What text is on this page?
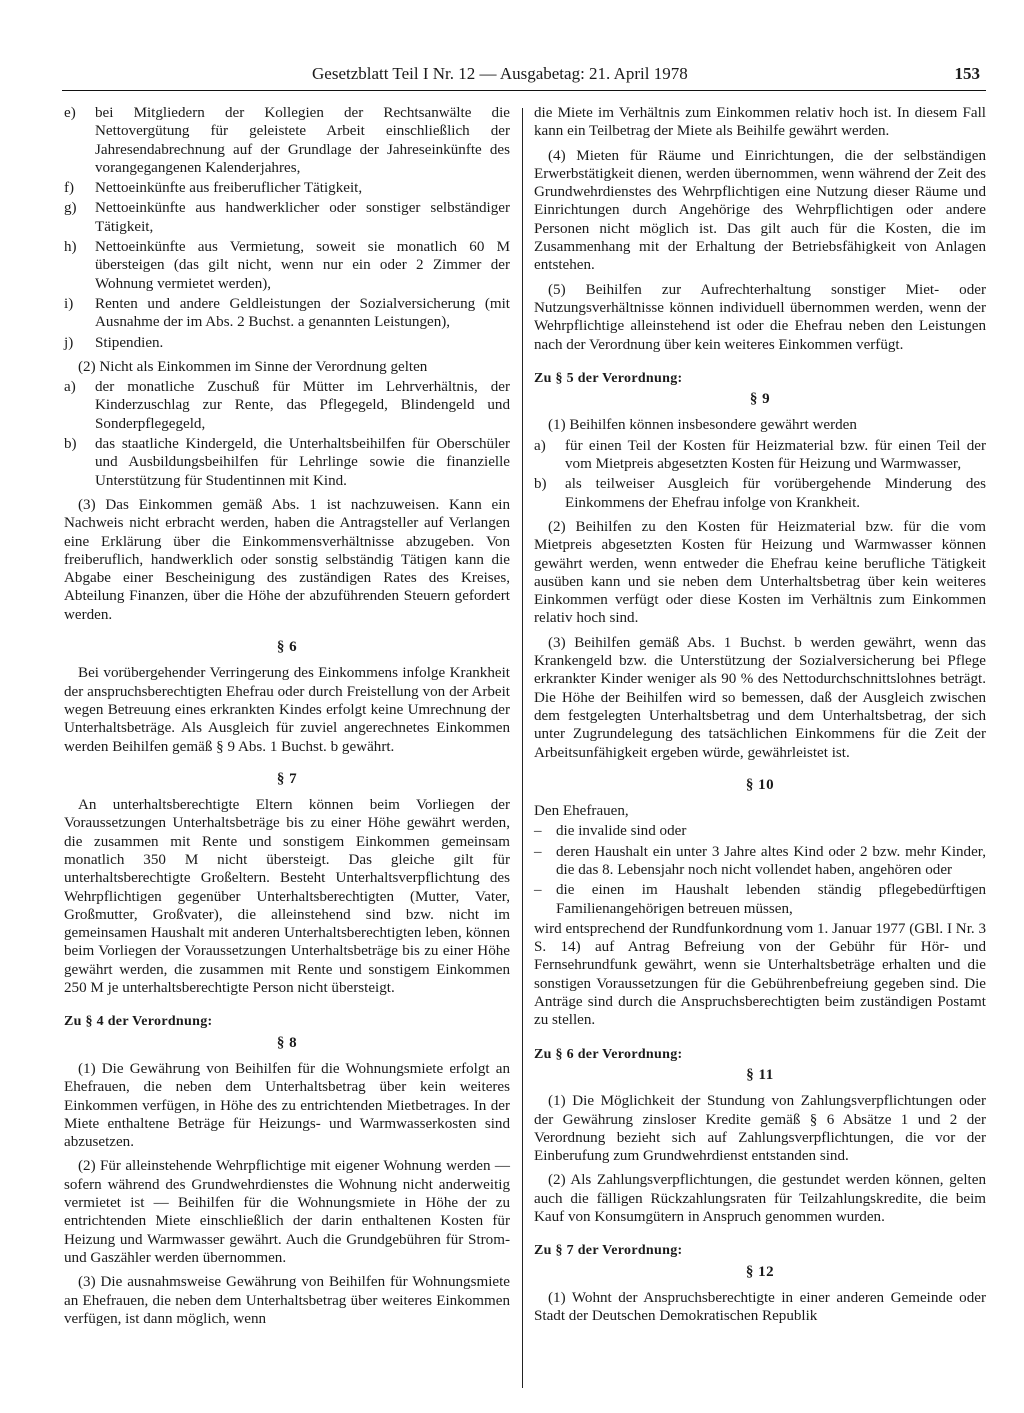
Gesetzblatt Teil I Nr. 12 — Ausgabetag: 21. April 1978	153
e) bei Mitgliedern der Kollegien der Rechtsanwälte die Nettovergütung für geleistete Arbeit einschließlich der Jahresendabrechnung auf der Grundlage der Jahreseinkünfte des vorangegangenen Kalenderjahres,
f) Nettoeinkünfte aus freiberuflicher Tätigkeit,
g) Nettoeinkünfte aus handwerklicher oder sonstiger selbständiger Tätigkeit,
h) Nettoeinkünfte aus Vermietung, soweit sie monatlich 60 M übersteigen (das gilt nicht, wenn nur ein oder 2 Zimmer der Wohnung vermietet werden),
i) Renten und andere Geldleistungen der Sozialversicherung (mit Ausnahme der im Abs. 2 Buchst. a genannten Leistungen),
j) Stipendien.

(2) Nicht als Einkommen im Sinne der Verordnung gelten

a) der monatliche Zuschuß für Mütter im Lehrverhältnis, der Kinderzuschlag zur Rente, das Pflegegeld, Blindengeld und Sonderpflegegeld,
b) das staatliche Kindergeld, die Unterhaltsbeihilfen für Oberschüler und Ausbildungsbeihilfen für Lehrlinge sowie die finanzielle Unterstützung für Studentinnen mit Kind.

(3) Das Einkommen gemäß Abs. 1 ist nachzuweisen. Kann ein Nachweis nicht erbracht werden, haben die Antragsteller auf Verlangen eine Erklärung über die Einkommensverhältnisse abzugeben. Von freiberuflich, handwerklich oder sonstig selbständig Tätigen kann die Abgabe einer Bescheinigung des zuständigen Rates des Kreises, Abteilung Finanzen, über die Höhe der abzuführenden Steuern gefordert werden.

§ 6

Bei vorübergehender Verringerung des Einkommens infolge Krankheit der anspruchsberechtigten Ehefrau oder durch Freistellung von der Arbeit wegen Betreuung eines erkrankten Kindes erfolgt keine Umrechnung der Unterhaltsbeträge. Als Ausgleich für zuviel angerechnetes Einkommen werden Beihilfen gemäß § 9 Abs. 1 Buchst. b gewährt.

§ 7

An unterhaltsberechtigte Eltern können beim Vorliegen der Voraussetzungen Unterhaltsbeträge bis zu einer Höhe gewährt werden, die zusammen mit Rente und sonstigem Einkommen gemeinsam monatlich 350 M nicht übersteigt. Das gleiche gilt für unterhaltsberechtigte Großeltern. Besteht Unterhaltsverpflichtung des Wehrpflichtigen gegenüber Unterhaltsberechtigten (Mutter, Vater, Großmutter, Großvater), die alleinstehend sind bzw. nicht im gemeinsamen Haushalt mit anderen Unterhaltsberechtigten leben, können beim Vorliegen der Voraussetzungen Unterhaltsbeträge bis zu einer Höhe gewährt werden, die zusammen mit Rente und sonstigem Einkommen 250 M je unterhaltsberechtigte Person nicht übersteigt.

Zu § 4 der Verordnung:
§ 8

(1) Die Gewährung von Beihilfen für die Wohnungsmiete erfolgt an Ehefrauen, die neben dem Unterhaltsbetrag über kein weiteres Einkommen verfügen, in Höhe des zu entrichtenden Mietbetrages. In der Miete enthaltene Beträge für Heizungs- und Warmwasserkosten sind abzusetzen.

(2) Für alleinstehende Wehrpflichtige mit eigener Wohnung werden — sofern während des Grundwehrdienstes die Wohnung nicht anderweitig vermietet ist — Beihilfen für die Wohnungsmiete in Höhe der zu entrichtenden Miete einschließlich der darin enthaltenen Kosten für Heizung und Warmwasser gewährt. Auch die Grundgebühren für Strom- und Gaszähler werden übernommen.

(3) Die ausnahmsweise Gewährung von Beihilfen für Wohnungsmiete an Ehefrauen, die neben dem Unterhaltsbetrag über weiteres Einkommen verfügen, ist dann möglich, wenn

die Miete im Verhältnis zum Einkommen relativ hoch ist. In diesem Fall kann ein Teilbetrag der Miete als Beihilfe gewährt werden.

(4) Mieten für Räume und Einrichtungen, die der selbständigen Erwerbstätigkeit dienen, werden übernommen, wenn während der Zeit des Grundwehrdienstes des Wehrpflichtigen eine Nutzung dieser Räume und Einrichtungen durch Angehörige des Wehrpflichtigen oder andere Personen nicht möglich ist. Das gilt auch für die Kosten, die im Zusammenhang mit der Erhaltung der Betriebsfähigkeit von Anlagen entstehen.

(5) Beihilfen zur Aufrechterhaltung sonstiger Miet- oder Nutzungsverhältnisse können individuell übernommen werden, wenn der Wehrpflichtige alleinstehend ist oder die Ehefrau neben den Leistungen nach der Verordnung über kein weiteres Einkommen verfügt.

Zu § 5 der Verordnung:
§ 9

(1) Beihilfen können insbesondere gewährt werden

a) für einen Teil der Kosten für Heizmaterial bzw. für einen Teil der vom Mietpreis abgesetzten Kosten für Heizung und Warmwasser,
b) als teilweiser Ausgleich für vorübergehende Minderung des Einkommens der Ehefrau infolge von Krankheit.

(2) Beihilfen zu den Kosten für Heizmaterial bzw. für die vom Mietpreis abgesetzten Kosten für Heizung und Warmwasser können gewährt werden, wenn entweder die Ehefrau keine berufliche Tätigkeit ausüben kann und sie neben dem Unterhaltsbetrag über kein weiteres Einkommen verfügt oder diese Kosten im Verhältnis zum Einkommen relativ hoch sind.

(3) Beihilfen gemäß Abs. 1 Buchst. b werden gewährt, wenn das Krankengeld bzw. die Unterstützung der Sozialversicherung bei Pflege erkrankter Kinder weniger als 90 % des Nettodurchschnittslohnes beträgt. Die Höhe der Beihilfen wird so bemessen, daß der Ausgleich zwischen dem festgelegten Unterhaltsbetrag und dem Unterhaltsbetrag, der sich unter Zugrundelegung des tatsächlichen Einkommens für die Zeit der Arbeitsunfähigkeit ergeben würde, gewährleistet ist.

§ 10

Den Ehefrauen,

– die invalide sind oder
– deren Haushalt ein unter 3 Jahre altes Kind oder 2 bzw. mehr Kinder, die das 8. Lebensjahr noch nicht vollendet haben, angehören oder
– die einen im Haushalt lebenden ständig pflegebedürftigen Familienangehörigen betreuen müssen,

wird entsprechend der Rundfunkordnung vom 1. Januar 1977 (GBl. I Nr. 3 S. 14) auf Antrag Befreiung von der Gebühr für Hör- und Fernsehrundfunk gewährt, wenn sie Unterhaltsbeträge erhalten und die sonstigen Voraussetzungen für die Gebührenbefreiung gegeben sind. Die Anträge sind durch die Anspruchsberechtigten beim zuständigen Postamt zu stellen.

Zu § 6 der Verordnung:
§ 11

(1) Die Möglichkeit der Stundung von Zahlungsverpflichtungen oder der Gewährung zinsloser Kredite gemäß § 6 Absätze 1 und 2 der Verordnung bezieht sich auf Zahlungsverpflichtungen, die vor der Einberufung zum Grundwehrdienst entstanden sind.

(2) Als Zahlungsverpflichtungen, die gestundet werden können, gelten auch die fälligen Rückzahlungsraten für Teilzahlungskredite, die beim Kauf von Konsumgütern in Anspruch genommen wurden.

Zu § 7 der Verordnung:
§ 12

(1) Wohnt der Anspruchsberechtigte in einer anderen Gemeinde oder Stadt der Deutschen Demokratischen Republik
